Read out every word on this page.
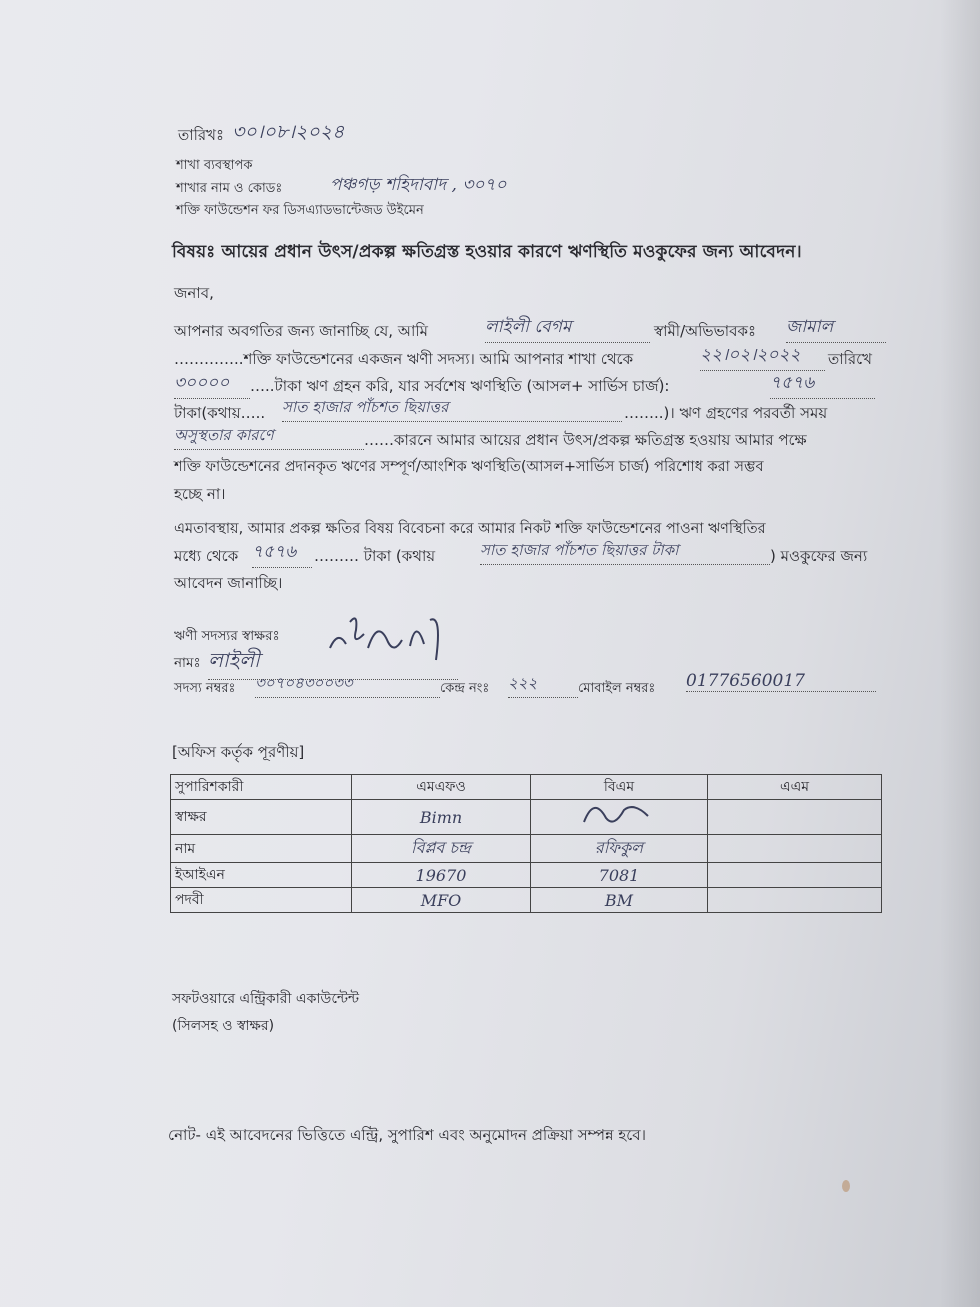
তারিখঃ ৩০।০৮।২০২৪
শাখা ব্যবস্থাপক
শাখার নাম ও কোডঃ	পঞ্চগড় শহিদাবাদ , ৩০৭০
শক্তি ফাউন্ডেশন ফর ডিসএ্যাডভান্টেজড উইমেন
বিষয়ঃ আয়ের প্রধান উৎস/প্রকল্প ক্ষতিগ্রস্ত হওয়ার কারণে ঋণস্থিতি মওকুফের জন্য আবেদন।
জনাব,
আপনার অবগতির জন্য জানাচ্ছি যে, আমি	লাইলী বেগম	স্বামী/অভিভাবকঃ জামাল
…………..শক্তি ফাউন্ডেশনের একজন ঋণী সদস্য। আমি আপনার শাখা থেকে	২২।০২।২০২২	তারিখে
৩০০০০	…..টাকা ঋণ গ্রহন করি, যার সর্বশেষ ঋণস্থিতি (আসল+ সার্ভিস চার্জ):	৭৫৭৬
টাকা(কথায়….. সাত হাজার পাঁচশত ছিয়াত্তর	……..)। ঋণ গ্রহণের পরবর্তী সময়
অসুস্থতার কারণে	……কারনে আমার আয়ের প্রধান উৎস/প্রকল্প ক্ষতিগ্রস্ত হওয়ায় আমার পক্ষে
শক্তি ফাউন্ডেশনের প্রদানকৃত ঋণের সম্পূর্ণ/আংশিক ঋণস্থিতি(আসল+সার্ভিস চার্জ) পরিশোধ করা সম্ভব
হচ্ছে না।
এমতাবস্থায়, আমার প্রকল্প ক্ষতির বিষয় বিবেচনা করে আমার নিকট শক্তি ফাউন্ডেশনের পাওনা ঋণস্থিতির
মধ্যে থেকে ৭৫৭৬	……… টাকা (কথায়	সাত হাজার পাঁচশত ছিয়াত্তর টাকা	) মওকুফের জন্য
আবেদন জানাচ্ছি।
ঋণী সদস্যর স্বাক্ষরঃ
নামঃ লাইলী
সদস্য নম্বরঃ ৩০৭০৪৩০০৩৩	কেন্দ্র নংঃ ২২২	মোবাইল নম্বরঃ 01776560017
[অফিস কর্তৃক পূরণীয়]
সুপারিশকারী	এমএফও	বিএম	এএম
স্বাক্ষর	Bimn		
নাম	বিপ্লব চন্দ্র	রফিকুল	
ইআইএন	19670	7081	
পদবী	MFO	BM	
সফটওয়ারে এন্ট্রিকারী একাউন্টেন্ট
(সিলসহ ও স্বাক্ষর)
নোট- এই আবেদনের ভিত্তিতে এন্ট্রি, সুপারিশ এবং অনুমোদন প্রক্রিয়া সম্পন্ন হবে।
